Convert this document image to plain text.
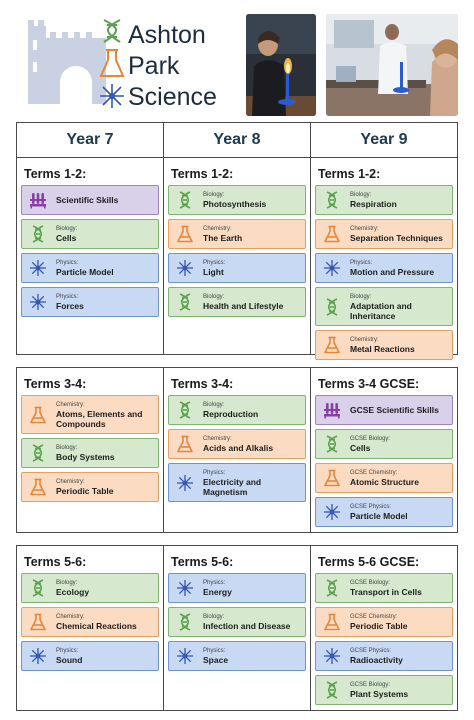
Ashton
Park
Science
Year 7	Year 8	Year 9
Terms 1-2:
Scientific Skills
Biology:
Cells
Physics:
Particle Model
Physics:
Forces
Terms 1-2:
Biology:
Photosynthesis
Chemistry:
The Earth
Physics:
Light
Biology:
Health and Lifestyle
Terms 1-2:
Biology:
Respiration
Chemistry:
Separation Techniques
Physics:
Motion and Pressure
Biology:
Adaptation and Inheritance
Chemistry:
Metal Reactions
Terms 3-4:
Chemistry:
Atoms, Elements and Compounds
Biology:
Body Systems
Chemistry:
Periodic Table
Terms 3-4:
Biology:
Reproduction
Chemistry:
Acids and Alkalis
Physics:
Electricity and Magnetism
Terms 3-4 GCSE:
GCSE Scientific Skills
GCSE Biology:
Cells
GCSE Chemistry:
Atomic Structure
GCSE Physics:
Particle Model
Terms 5-6:
Biology:
Ecology
Chemistry:
Chemical Reactions
Physics:
Sound
Terms 5-6:
Physics:
Energy
Biology:
Infection and Disease
Physics:
Space
Terms 5-6 GCSE:
GCSE Biology:
Transport in Cells
GCSE Chemistry:
Periodic Table
GCSE Physics:
Radioactivity
GCSE Biology:
Plant Systems
